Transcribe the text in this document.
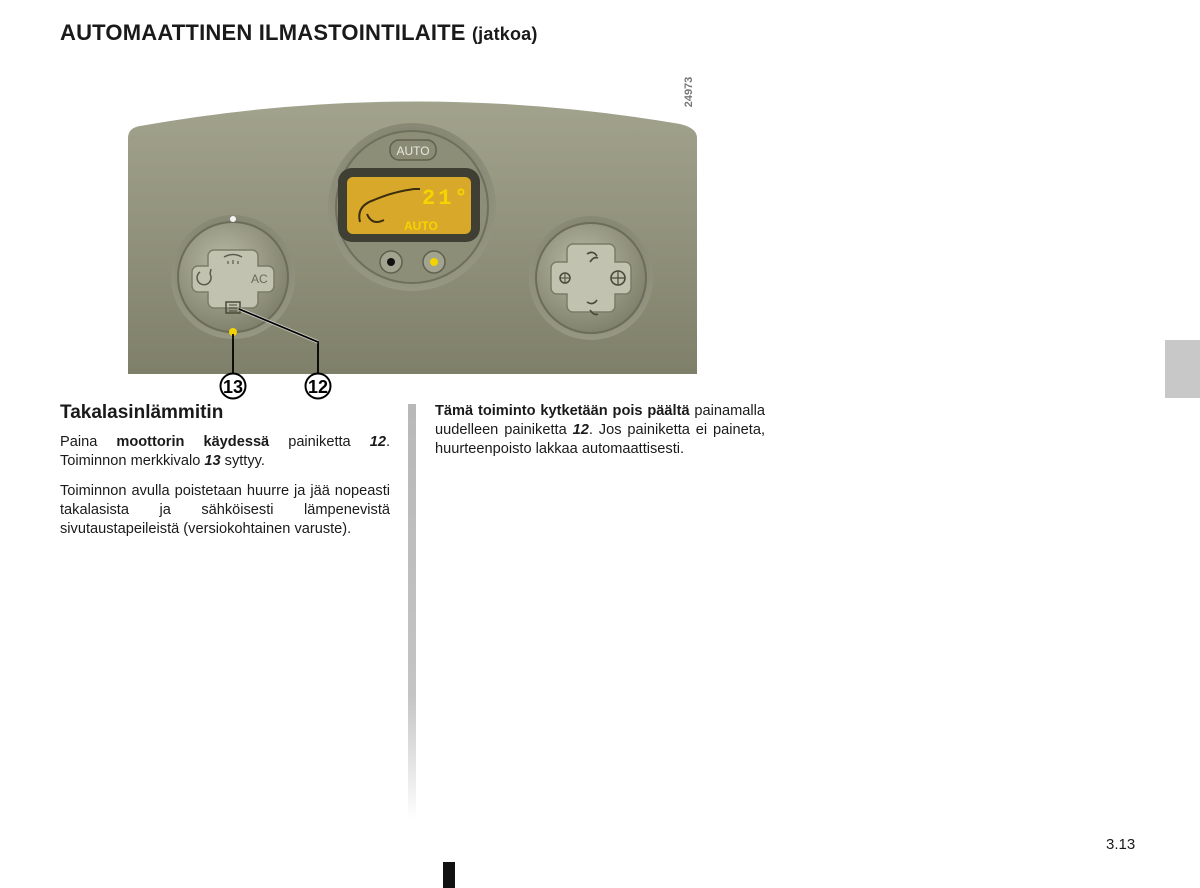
AUTOMAATTINEN ILMASTOINTILAITE (jatkoa)
24973
AUTO
21°
AUTO
AC
13	12
Takalasinlämmitin

Paina moottorin käydessä painiketta 12. Toiminnon merkkivalo 13 syttyy.

Toiminnon avulla poistetaan huurre ja jää nopeasti takalasista ja sähköisesti lämpenevistä sivutaustapeileistä (versiokohtainen varuste).

Tämä toiminto kytketään pois päältä painamalla uudelleen painiketta 12. Jos painiketta ei paineta, huurteenpoisto lakkaa automaattisesti.

3.13
